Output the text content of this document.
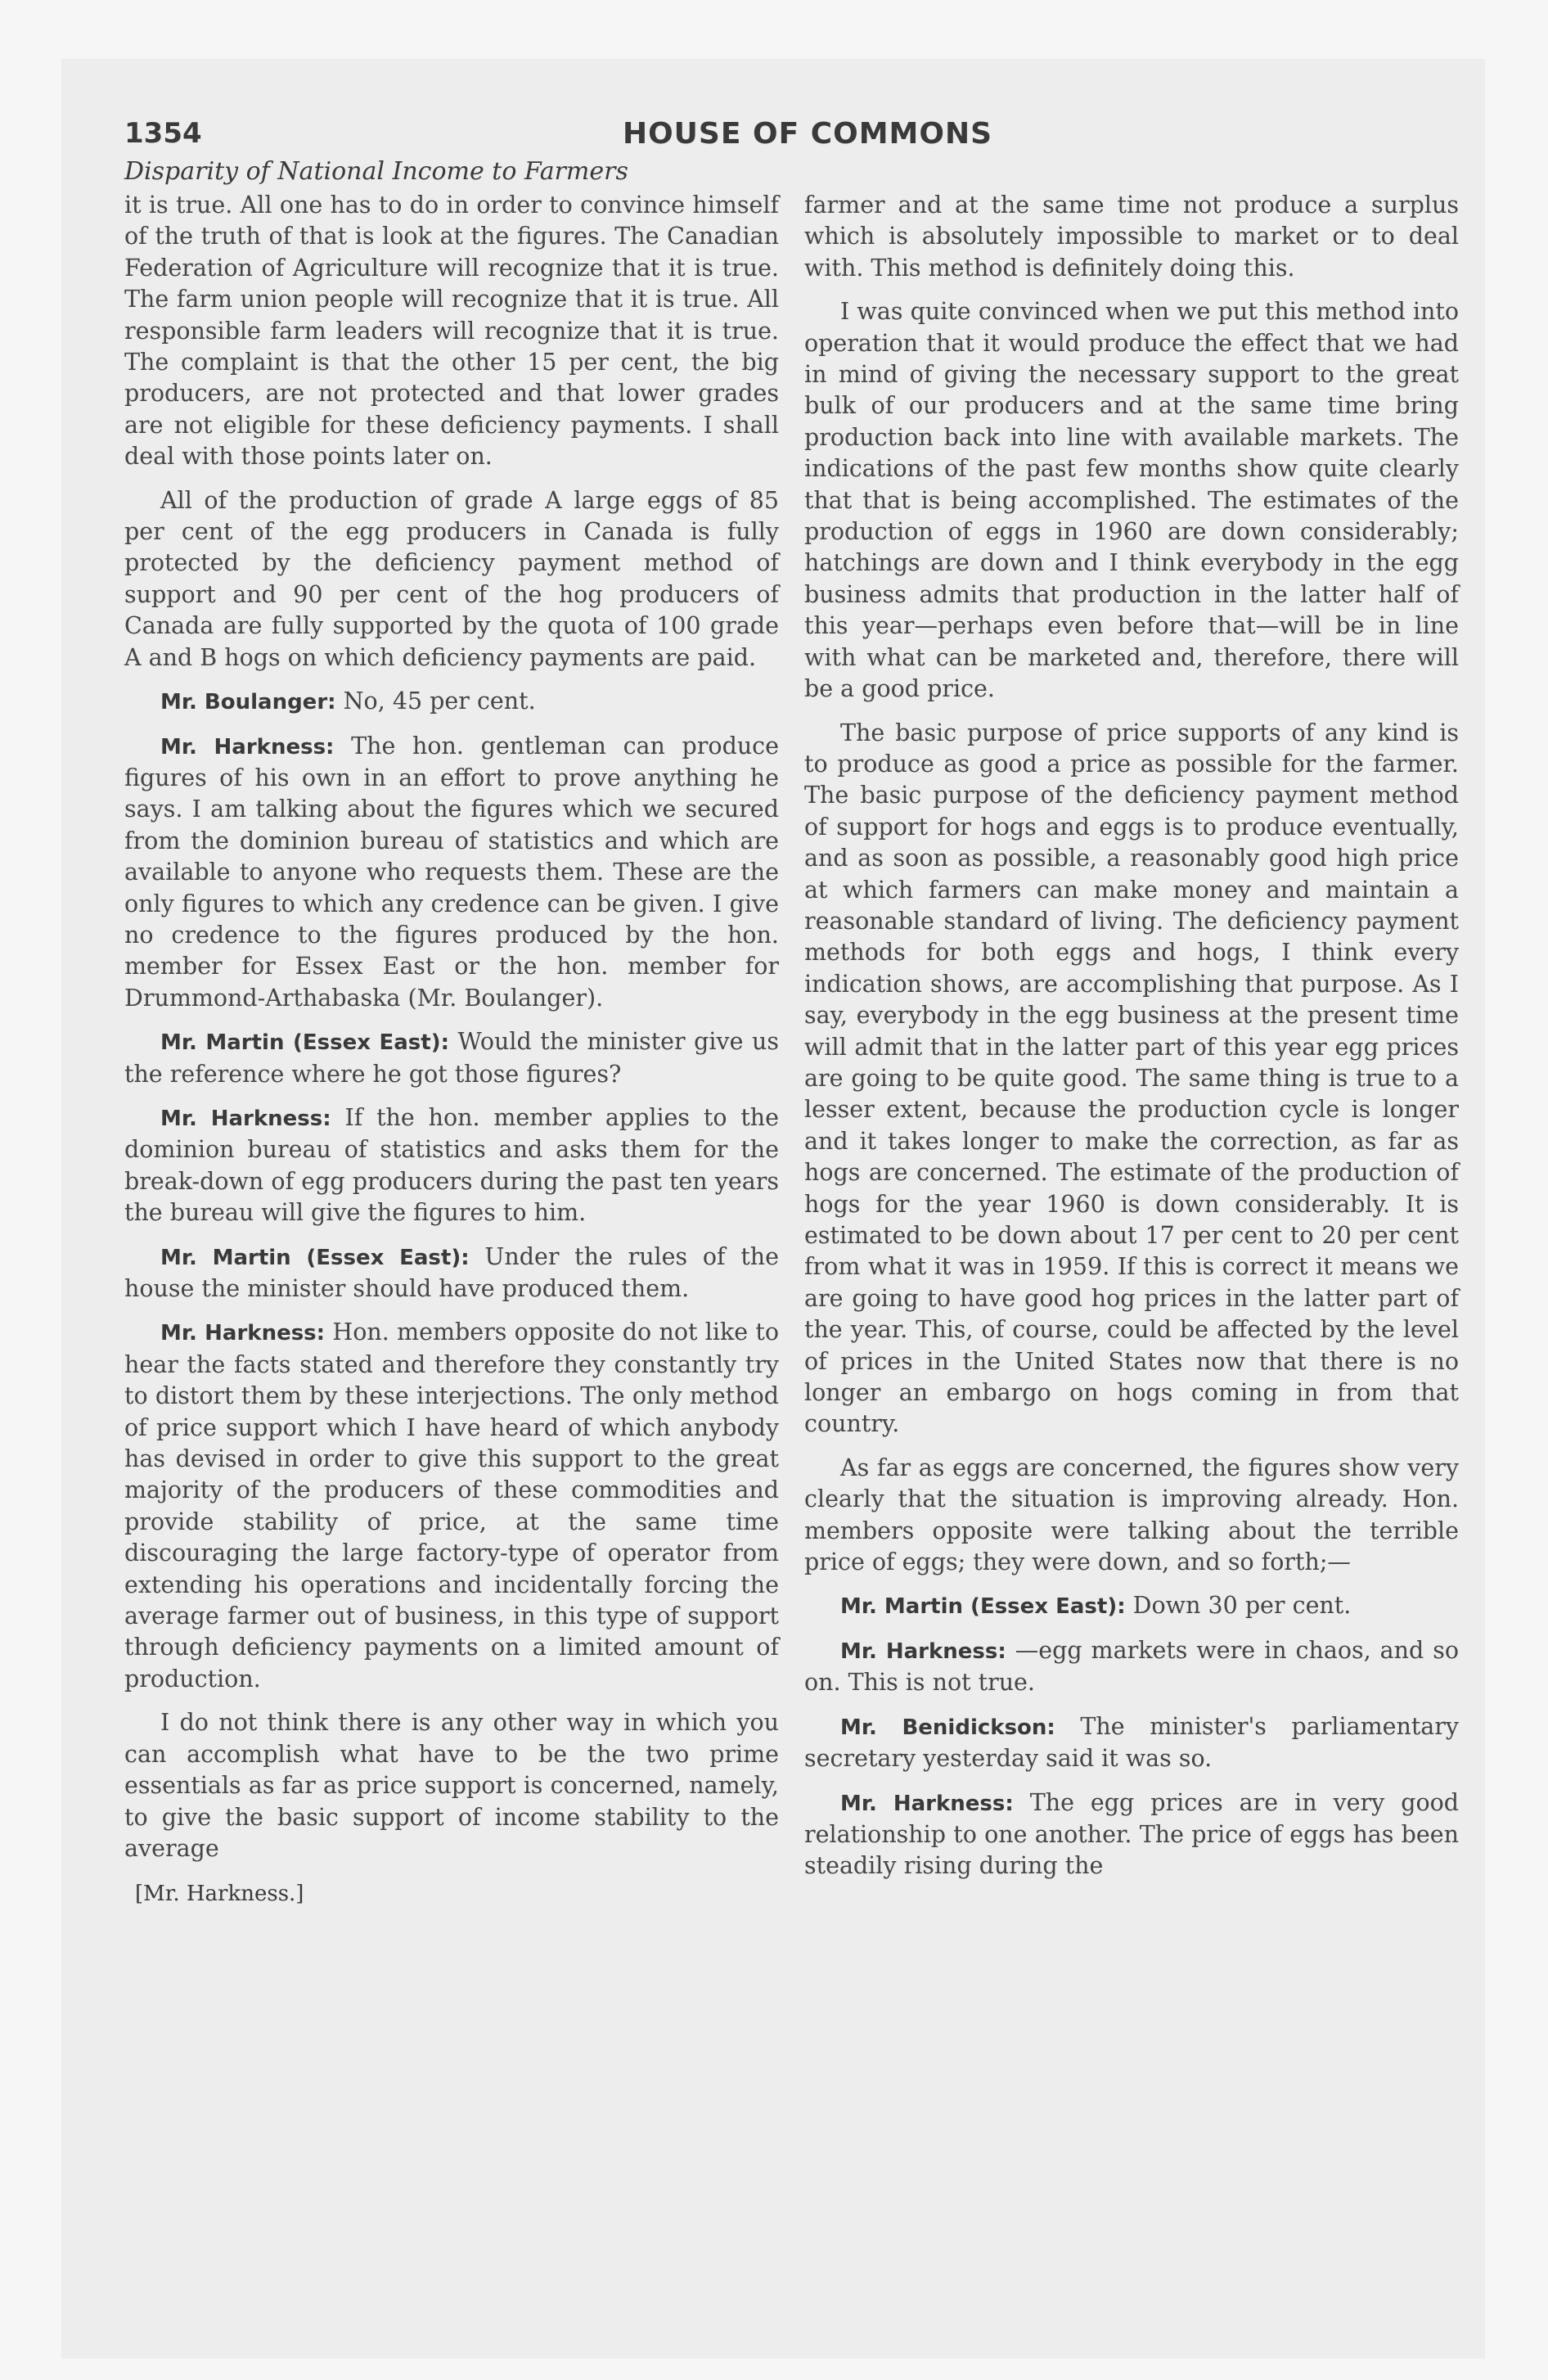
1354	HOUSE OF COMMONS
Disparity of National Income to Farmers

it is true. All one has to do in order to convince himself of the truth of that is look at the figures. The Canadian Federation of Agriculture will recognize that it is true. The farm union people will recognize that it is true. All responsible farm leaders will recognize that it is true. The complaint is that the other 15 per cent, the big producers, are not protected and that lower grades are not eligible for these deficiency payments. I shall deal with those points later on.

All of the production of grade A large eggs of 85 per cent of the egg producers in Canada is fully protected by the deficiency payment method of support and 90 per cent of the hog producers of Canada are fully supported by the quota of 100 grade A and B hogs on which deficiency payments are paid.

Mr. Boulanger: No, 45 per cent.

Mr. Harkness: The hon. gentleman can produce figures of his own in an effort to prove anything he says. I am talking about the figures which we secured from the dominion bureau of statistics and which are available to anyone who requests them. These are the only figures to which any credence can be given. I give no credence to the figures produced by the hon. member for Essex East or the hon. member for Drummond-Arthabaska (Mr. Boulanger).

Mr. Martin (Essex East): Would the minister give us the reference where he got those figures?

Mr. Harkness: If the hon. member applies to the dominion bureau of statistics and asks them for the break-down of egg producers during the past ten years the bureau will give the figures to him.

Mr. Martin (Essex East): Under the rules of the house the minister should have produced them.

Mr. Harkness: Hon. members opposite do not like to hear the facts stated and therefore they constantly try to distort them by these interjections. The only method of price support which I have heard of which anybody has devised in order to give this support to the great majority of the producers of these commodities and provide stability of price, at the same time discouraging the large factory-type of operator from extending his operations and incidentally forcing the average farmer out of business, in this type of support through deficiency payments on a limited amount of production.

I do not think there is any other way in which you can accomplish what have to be the two prime essentials as far as price support is concerned, namely, to give the basic support of income stability to the average

farmer and at the same time not produce a surplus which is absolutely impossible to market or to deal with. This method is definitely doing this.

I was quite convinced when we put this method into operation that it would produce the effect that we had in mind of giving the necessary support to the great bulk of our producers and at the same time bring production back into line with available markets. The indications of the past few months show quite clearly that that is being accomplished. The estimates of the production of eggs in 1960 are down considerably; hatchings are down and I think everybody in the egg business admits that production in the latter half of this year—perhaps even before that—will be in line with what can be marketed and, therefore, there will be a good price.

The basic purpose of price supports of any kind is to produce as good a price as possible for the farmer. The basic purpose of the deficiency payment method of support for hogs and eggs is to produce eventually, and as soon as possible, a reasonably good high price at which farmers can make money and maintain a reasonable standard of living. The deficiency payment methods for both eggs and hogs, I think every indication shows, are accomplishing that purpose. As I say, everybody in the egg business at the present time will admit that in the latter part of this year egg prices are going to be quite good. The same thing is true to a lesser extent, because the production cycle is longer and it takes longer to make the correction, as far as hogs are concerned. The estimate of the production of hogs for the year 1960 is down considerably. It is estimated to be down about 17 per cent to 20 per cent from what it was in 1959. If this is correct it means we are going to have good hog prices in the latter part of the year. This, of course, could be affected by the level of prices in the United States now that there is no longer an embargo on hogs coming in from that country.

As far as eggs are concerned, the figures show very clearly that the situation is improving already. Hon. members opposite were talking about the terrible price of eggs; they were down, and so forth;—

Mr. Martin (Essex East): Down 30 per cent.

Mr. Harkness: —egg markets were in chaos, and so on. This is not true.

Mr. Benidickson: The minister's parliamentary secretary yesterday said it was so.

Mr. Harkness: The egg prices are in very good relationship to one another. The price of eggs has been steadily rising during the

[Mr. Harkness.]
